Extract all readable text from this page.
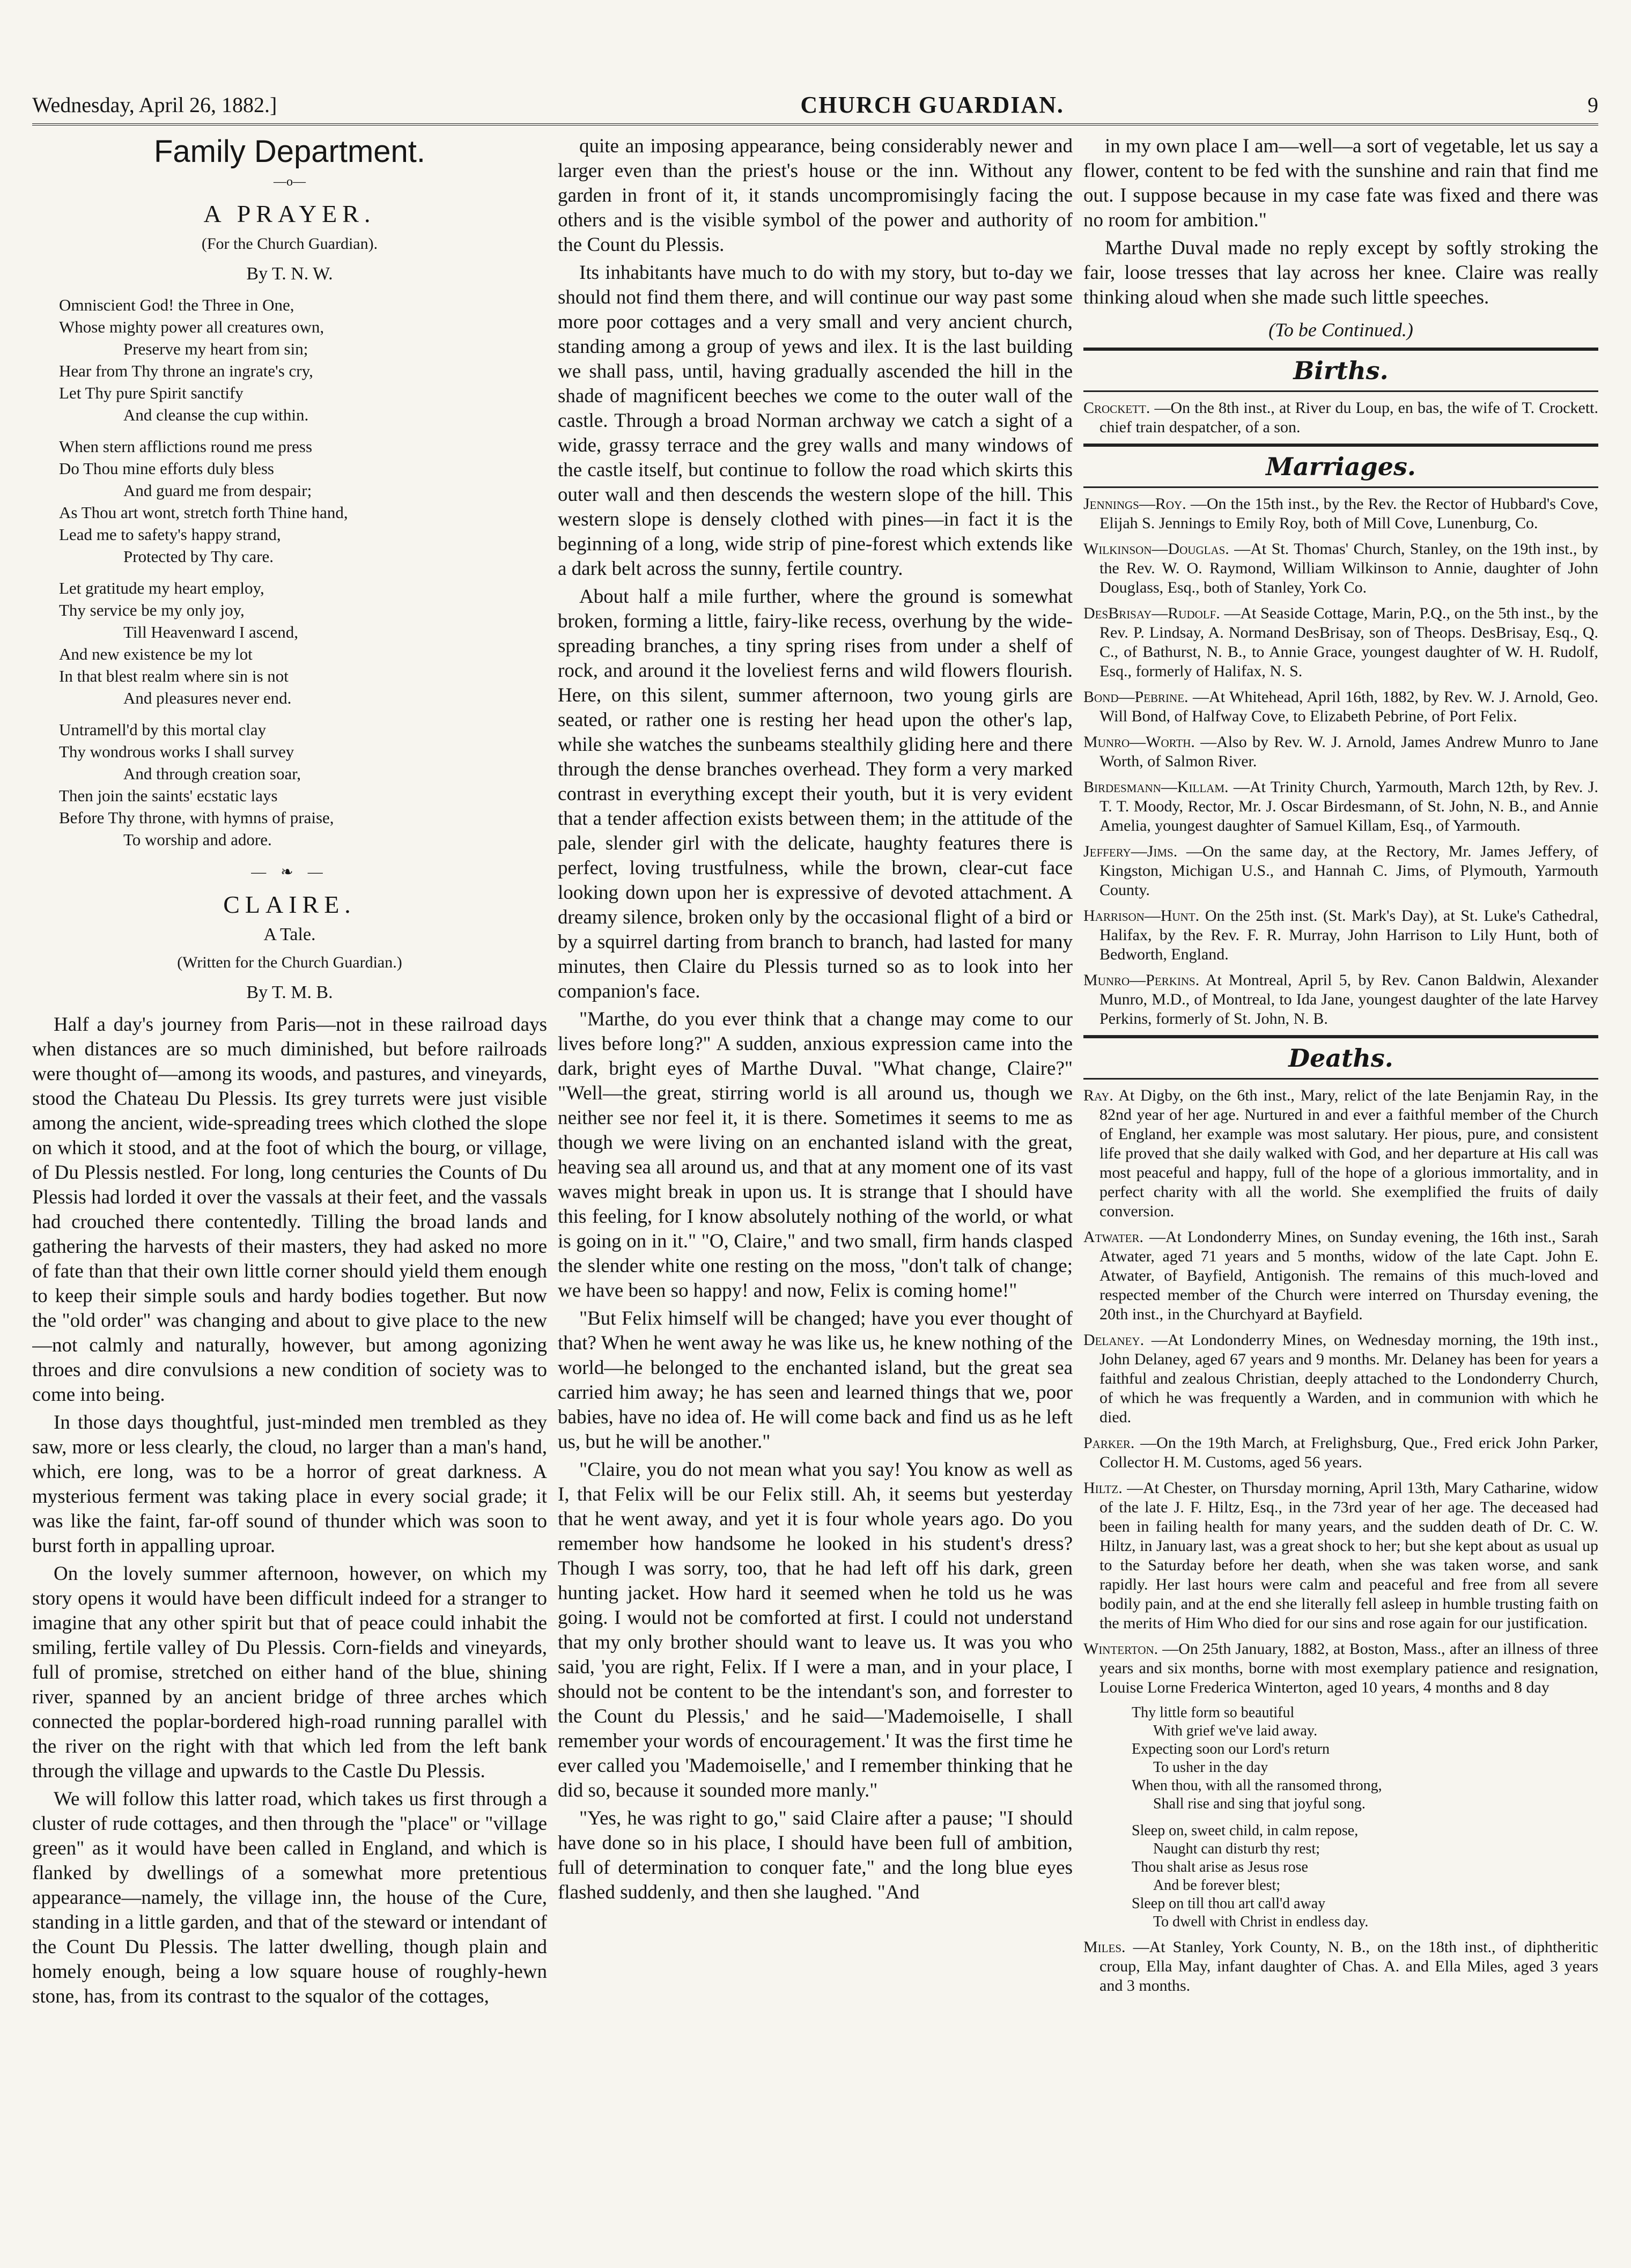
Wednesday, April 26, 1882.]	CHURCH GUARDIAN.	9
Family Department.
—o—
A PRAYER.
(For the Church Guardian).
By T. N. W.
Omniscient God! the Three in One,
Whose mighty power all creatures own,
Preserve my heart from sin;
Hear from Thy throne an ingrate's cry,
Let Thy pure Spirit sanctify
And cleanse the cup within.
When stern afflictions round me press
Do Thou mine efforts duly bless
And guard me from despair;
As Thou art wont, stretch forth Thine hand,
Lead me to safety's happy strand,
Protected by Thy care.
Let gratitude my heart employ,
Thy service be my only joy,
Till Heavenward I ascend,
And new existence be my lot
In that blest realm where sin is not
And pleasures never end.
Untramell'd by this mortal clay
Thy wondrous works I shall survey
And through creation soar,
Then join the saints' ecstatic lays
Before Thy throne, with hymns of praise,
To worship and adore.
— ❧ —
CLAIRE.
A Tale.
(Written for the Church Guardian.)
By T. M. B.

Half a day's journey from Paris—not in these railroad days when distances are so much diminished, but before railroads were thought of—among its woods, and pastures, and vineyards, stood the Chateau Du Plessis. Its grey turrets were just visible among the ancient, wide-spreading trees which clothed the slope on which it stood, and at the foot of which the bourg, or village, of Du Plessis nestled. For long, long centuries the Counts of Du Plessis had lorded it over the vassals at their feet, and the vassals had crouched there contentedly. Tilling the broad lands and gathering the harvests of their masters, they had asked no more of fate than that their own little corner should yield them enough to keep their simple souls and hardy bodies together. But now the "old order" was changing and about to give place to the new—not calmly and naturally, however, but among agonizing throes and dire convulsions a new condition of society was to come into being.

In those days thoughtful, just-minded men trembled as they saw, more or less clearly, the cloud, no larger than a man's hand, which, ere long, was to be a horror of great darkness. A mysterious ferment was taking place in every social grade; it was like the faint, far-off sound of thunder which was soon to burst forth in appalling uproar.

On the lovely summer afternoon, however, on which my story opens it would have been difficult indeed for a stranger to imagine that any other spirit but that of peace could inhabit the smiling, fertile valley of Du Plessis. Corn-fields and vineyards, full of promise, stretched on either hand of the blue, shining river, spanned by an ancient bridge of three arches which connected the poplar-bordered high-road running parallel with the river on the right with that which led from the left bank through the village and upwards to the Castle Du Plessis.

We will follow this latter road, which takes us first through a cluster of rude cottages, and then through the "place" or "village green" as it would have been called in England, and which is flanked by dwellings of a somewhat more pretentious appearance—namely, the village inn, the house of the Cure, standing in a little garden, and that of the steward or intendant of the Count Du Plessis. The latter dwelling, though plain and homely enough, being a low square house of roughly-hewn stone, has, from its contrast to the squalor of the cottages,

quite an imposing appearance, being considerably newer and larger even than the priest's house or the inn. Without any garden in front of it, it stands uncompromisingly facing the others and is the visible symbol of the power and authority of the Count du Plessis.

Its inhabitants have much to do with my story, but to-day we should not find them there, and will continue our way past some more poor cottages and a very small and very ancient church, standing among a group of yews and ilex. It is the last building we shall pass, until, having gradually ascended the hill in the shade of magnificent beeches we come to the outer wall of the castle. Through a broad Norman archway we catch a sight of a wide, grassy terrace and the grey walls and many windows of the castle itself, but continue to follow the road which skirts this outer wall and then descends the western slope of the hill. This western slope is densely clothed with pines—in fact it is the beginning of a long, wide strip of pine-forest which extends like a dark belt across the sunny, fertile country.

About half a mile further, where the ground is somewhat broken, forming a little, fairy-like recess, overhung by the wide-spreading branches, a tiny spring rises from under a shelf of rock, and around it the loveliest ferns and wild flowers flourish. Here, on this silent, summer afternoon, two young girls are seated, or rather one is resting her head upon the other's lap, while she watches the sunbeams stealthily gliding here and there through the dense branches overhead. They form a very marked contrast in everything except their youth, but it is very evident that a tender affection exists between them; in the attitude of the pale, slender girl with the delicate, haughty features there is perfect, loving trustfulness, while the brown, clear-cut face looking down upon her is expressive of devoted attachment. A dreamy silence, broken only by the occasional flight of a bird or by a squirrel darting from branch to branch, had lasted for many minutes, then Claire du Plessis turned so as to look into her companion's face.

"Marthe, do you ever think that a change may come to our lives before long?" A sudden, anxious expression came into the dark, bright eyes of Marthe Duval. "What change, Claire?" "Well—the great, stirring world is all around us, though we neither see nor feel it, it is there. Sometimes it seems to me as though we were living on an enchanted island with the great, heaving sea all around us, and that at any moment one of its vast waves might break in upon us. It is strange that I should have this feeling, for I know absolutely nothing of the world, or what is going on in it." "O, Claire," and two small, firm hands clasped the slender white one resting on the moss, "don't talk of change; we have been so happy! and now, Felix is coming home!"

"But Felix himself will be changed; have you ever thought of that? When he went away he was like us, he knew nothing of the world—he belonged to the enchanted island, but the great sea carried him away; he has seen and learned things that we, poor babies, have no idea of. He will come back and find us as he left us, but he will be another."

"Claire, you do not mean what you say! You know as well as I, that Felix will be our Felix still. Ah, it seems but yesterday that he went away, and yet it is four whole years ago. Do you remember how handsome he looked in his student's dress? Though I was sorry, too, that he had left off his dark, green hunting jacket. How hard it seemed when he told us he was going. I would not be comforted at first. I could not understand that my only brother should want to leave us. It was you who said, 'you are right, Felix. If I were a man, and in your place, I should not be content to be the intendant's son, and forrester to the Count du Plessis,' and he said—'Mademoiselle, I shall remember your words of encouragement.' It was the first time he ever called you 'Mademoiselle,' and I remember thinking that he did so, because it sounded more manly."

"Yes, he was right to go," said Claire after a pause; "I should have done so in his place, I should have been full of ambition, full of determination to conquer fate," and the long blue eyes flashed suddenly, and then she laughed. "And

in my own place I am—well—a sort of vegetable, let us say a flower, content to be fed with the sunshine and rain that find me out. I suppose because in my case fate was fixed and there was no room for ambition."

Marthe Duval made no reply except by softly stroking the fair, loose tresses that lay across her knee. Claire was really thinking aloud when she made such little speeches.

(To be Continued.)
Births.
Crockett. —On the 8th inst., at River du Loup, en bas, the wife of T. Crockett. chief train despatcher, of a son.
Marriages.
Jennings—Roy. —On the 15th inst., by the Rev. the Rector of Hubbard's Cove, Elijah S. Jennings to Emily Roy, both of Mill Cove, Lunenburg, Co.
Wilkinson—Douglas. —At St. Thomas' Church, Stanley, on the 19th inst., by the Rev. W. O. Raymond, William Wilkinson to Annie, daughter of John Douglass, Esq., both of Stanley, York Co.
DesBrisay—Rudolf. —At Seaside Cottage, Marin, P.Q., on the 5th inst., by the Rev. P. Lindsay, A. Normand DesBrisay, son of Theops. DesBrisay, Esq., Q. C., of Bathurst, N. B., to Annie Grace, youngest daughter of W. H. Rudolf, Esq., formerly of Halifax, N. S.
Bond—Pebrine. —At Whitehead, April 16th, 1882, by Rev. W. J. Arnold, Geo. Will Bond, of Halfway Cove, to Elizabeth Pebrine, of Port Felix.
Munro—Worth. —Also by Rev. W. J. Arnold, James Andrew Munro to Jane Worth, of Salmon River.
Birdesmann—Killam. —At Trinity Church, Yarmouth, March 12th, by Rev. J. T. T. Moody, Rector, Mr. J. Oscar Birdesmann, of St. John, N. B., and Annie Amelia, youngest daughter of Samuel Killam, Esq., of Yarmouth.
Jeffery—Jims. —On the same day, at the Rectory, Mr. James Jeffery, of Kingston, Michigan U.S., and Hannah C. Jims, of Plymouth, Yarmouth County.
Harrison—Hunt. On the 25th inst. (St. Mark's Day), at St. Luke's Cathedral, Halifax, by the Rev. F. R. Murray, John Harrison to Lily Hunt, both of Bedworth, England.
Munro—Perkins. At Montreal, April 5, by Rev. Canon Baldwin, Alexander Munro, M.D., of Montreal, to Ida Jane, youngest daughter of the late Harvey Perkins, formerly of St. John, N. B.
Deaths.
Ray. At Digby, on the 6th inst., Mary, relict of the late Benjamin Ray, in the 82nd year of her age. Nurtured in and ever a faithful member of the Church of England, her example was most salutary. Her pious, pure, and consistent life proved that she daily walked with God, and her departure at His call was most peaceful and happy, full of the hope of a glorious immortality, and in perfect charity with all the world. She exemplified the fruits of daily conversion.
Atwater. —At Londonderry Mines, on Sunday evening, the 16th inst., Sarah Atwater, aged 71 years and 5 months, widow of the late Capt. John E. Atwater, of Bayfield, Antigonish. The remains of this much-loved and respected member of the Church were interred on Thursday evening, the 20th inst., in the Churchyard at Bayfield.
Delaney. —At Londonderry Mines, on Wednesday morning, the 19th inst., John Delaney, aged 67 years and 9 months. Mr. Delaney has been for years a faithful and zealous Christian, deeply attached to the Londonderry Church, of which he was frequently a Warden, and in communion with which he died.
Parker. —On the 19th March, at Frelighsburg, Que., Fred erick John Parker, Collector H. M. Customs, aged 56 years.
Hiltz. —At Chester, on Thursday morning, April 13th, Mary Catharine, widow of the late J. F. Hiltz, Esq., in the 73rd year of her age. The deceased had been in failing health for many years, and the sudden death of Dr. C. W. Hiltz, in January last, was a great shock to her; but she kept about as usual up to the Saturday before her death, when she was taken worse, and sank rapidly. Her last hours were calm and peaceful and free from all severe bodily pain, and at the end she literally fell asleep in humble trusting faith on the merits of Him Who died for our sins and rose again for our justification.
Winterton. —On 25th January, 1882, at Boston, Mass., after an illness of three years and six months, borne with most exemplary patience and resignation, Louise Lorne Frederica Winterton, aged 10 years, 4 months and 8 day
Thy little form so beautiful
With grief we've laid away.
Expecting soon our Lord's return
To usher in the day
When thou, with all the ransomed throng,
Shall rise and sing that joyful song.
Sleep on, sweet child, in calm repose,
Naught can disturb thy rest;
Thou shalt arise as Jesus rose
And be forever blest;
Sleep on till thou art call'd away
To dwell with Christ in endless day.
Miles. —At Stanley, York County, N. B., on the 18th inst., of diphtheritic croup, Ella May, infant daughter of Chas. A. and Ella Miles, aged 3 years and 3 months.
